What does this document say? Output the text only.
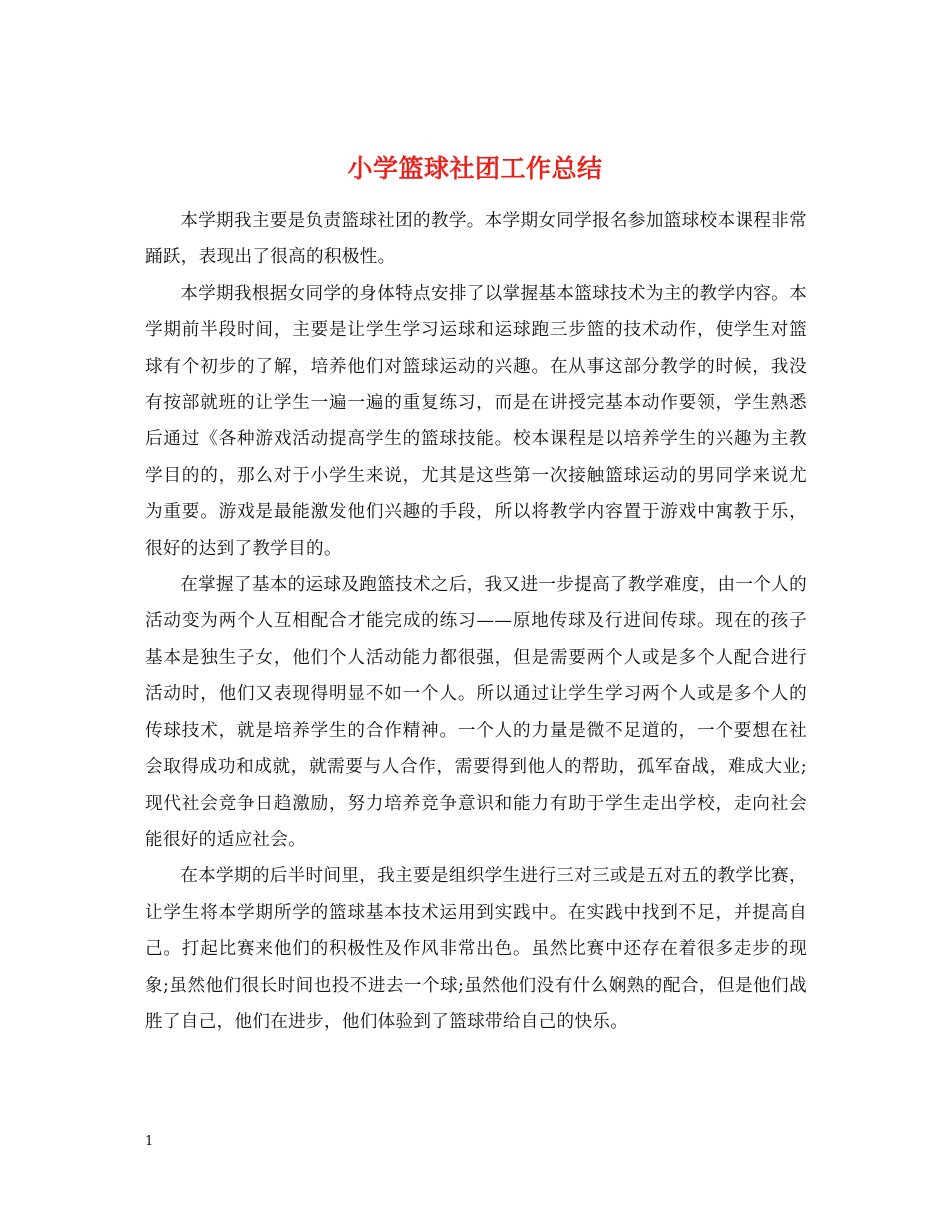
小学篮球社团工作总结

本学期我主要是负责篮球社团的教学。本学期女同学报名参加篮球校本课程非常踊跃，表现出了很高的积极性。

本学期我根据女同学的身体特点安排了以掌握基本篮球技术为主的教学内容。本学期前半段时间，主要是让学生学习运球和运球跑三步篮的技术动作，使学生对篮球有个初步的了解，培养他们对篮球运动的兴趣。在从事这部分教学的时候，我没有按部就班的让学生一遍一遍的重复练习，而是在讲授完基本动作要领，学生熟悉后通过《各种游戏活动提高学生的篮球技能。校本课程是以培养学生的兴趣为主教学目的的，那么对于小学生来说，尤其是这些第一次接触篮球运动的男同学来说尤为重要。游戏是最能激发他们兴趣的手段，所以将教学内容置于游戏中寓教于乐，很好的达到了教学目的。

在掌握了基本的运球及跑篮技术之后，我又进一步提高了教学难度，由一个人的活动变为两个人互相配合才能完成的练习——原地传球及行进间传球。现在的孩子基本是独生子女，他们个人活动能力都很强，但是需要两个人或是多个人配合进行活动时，他们又表现得明显不如一个人。所以通过让学生学习两个人或是多个人的传球技术，就是培养学生的合作精神。一个人的力量是微不足道的，一个要想在社会取得成功和成就，就需要与人合作，需要得到他人的帮助，孤军奋战，难成大业;现代社会竞争日趋激励，努力培养竞争意识和能力有助于学生走出学校，走向社会能很好的适应社会。

在本学期的后半时间里，我主要是组织学生进行三对三或是五对五的教学比赛，让学生将本学期所学的篮球基本技术运用到实践中。在实践中找到不足，并提高自己。打起比赛来他们的积极性及作风非常出色。虽然比赛中还存在着很多走步的现象;虽然他们很长时间也投不进去一个球;虽然他们没有什么娴熟的配合，但是他们战胜了自己，他们在进步，他们体验到了篮球带给自己的快乐。

1
